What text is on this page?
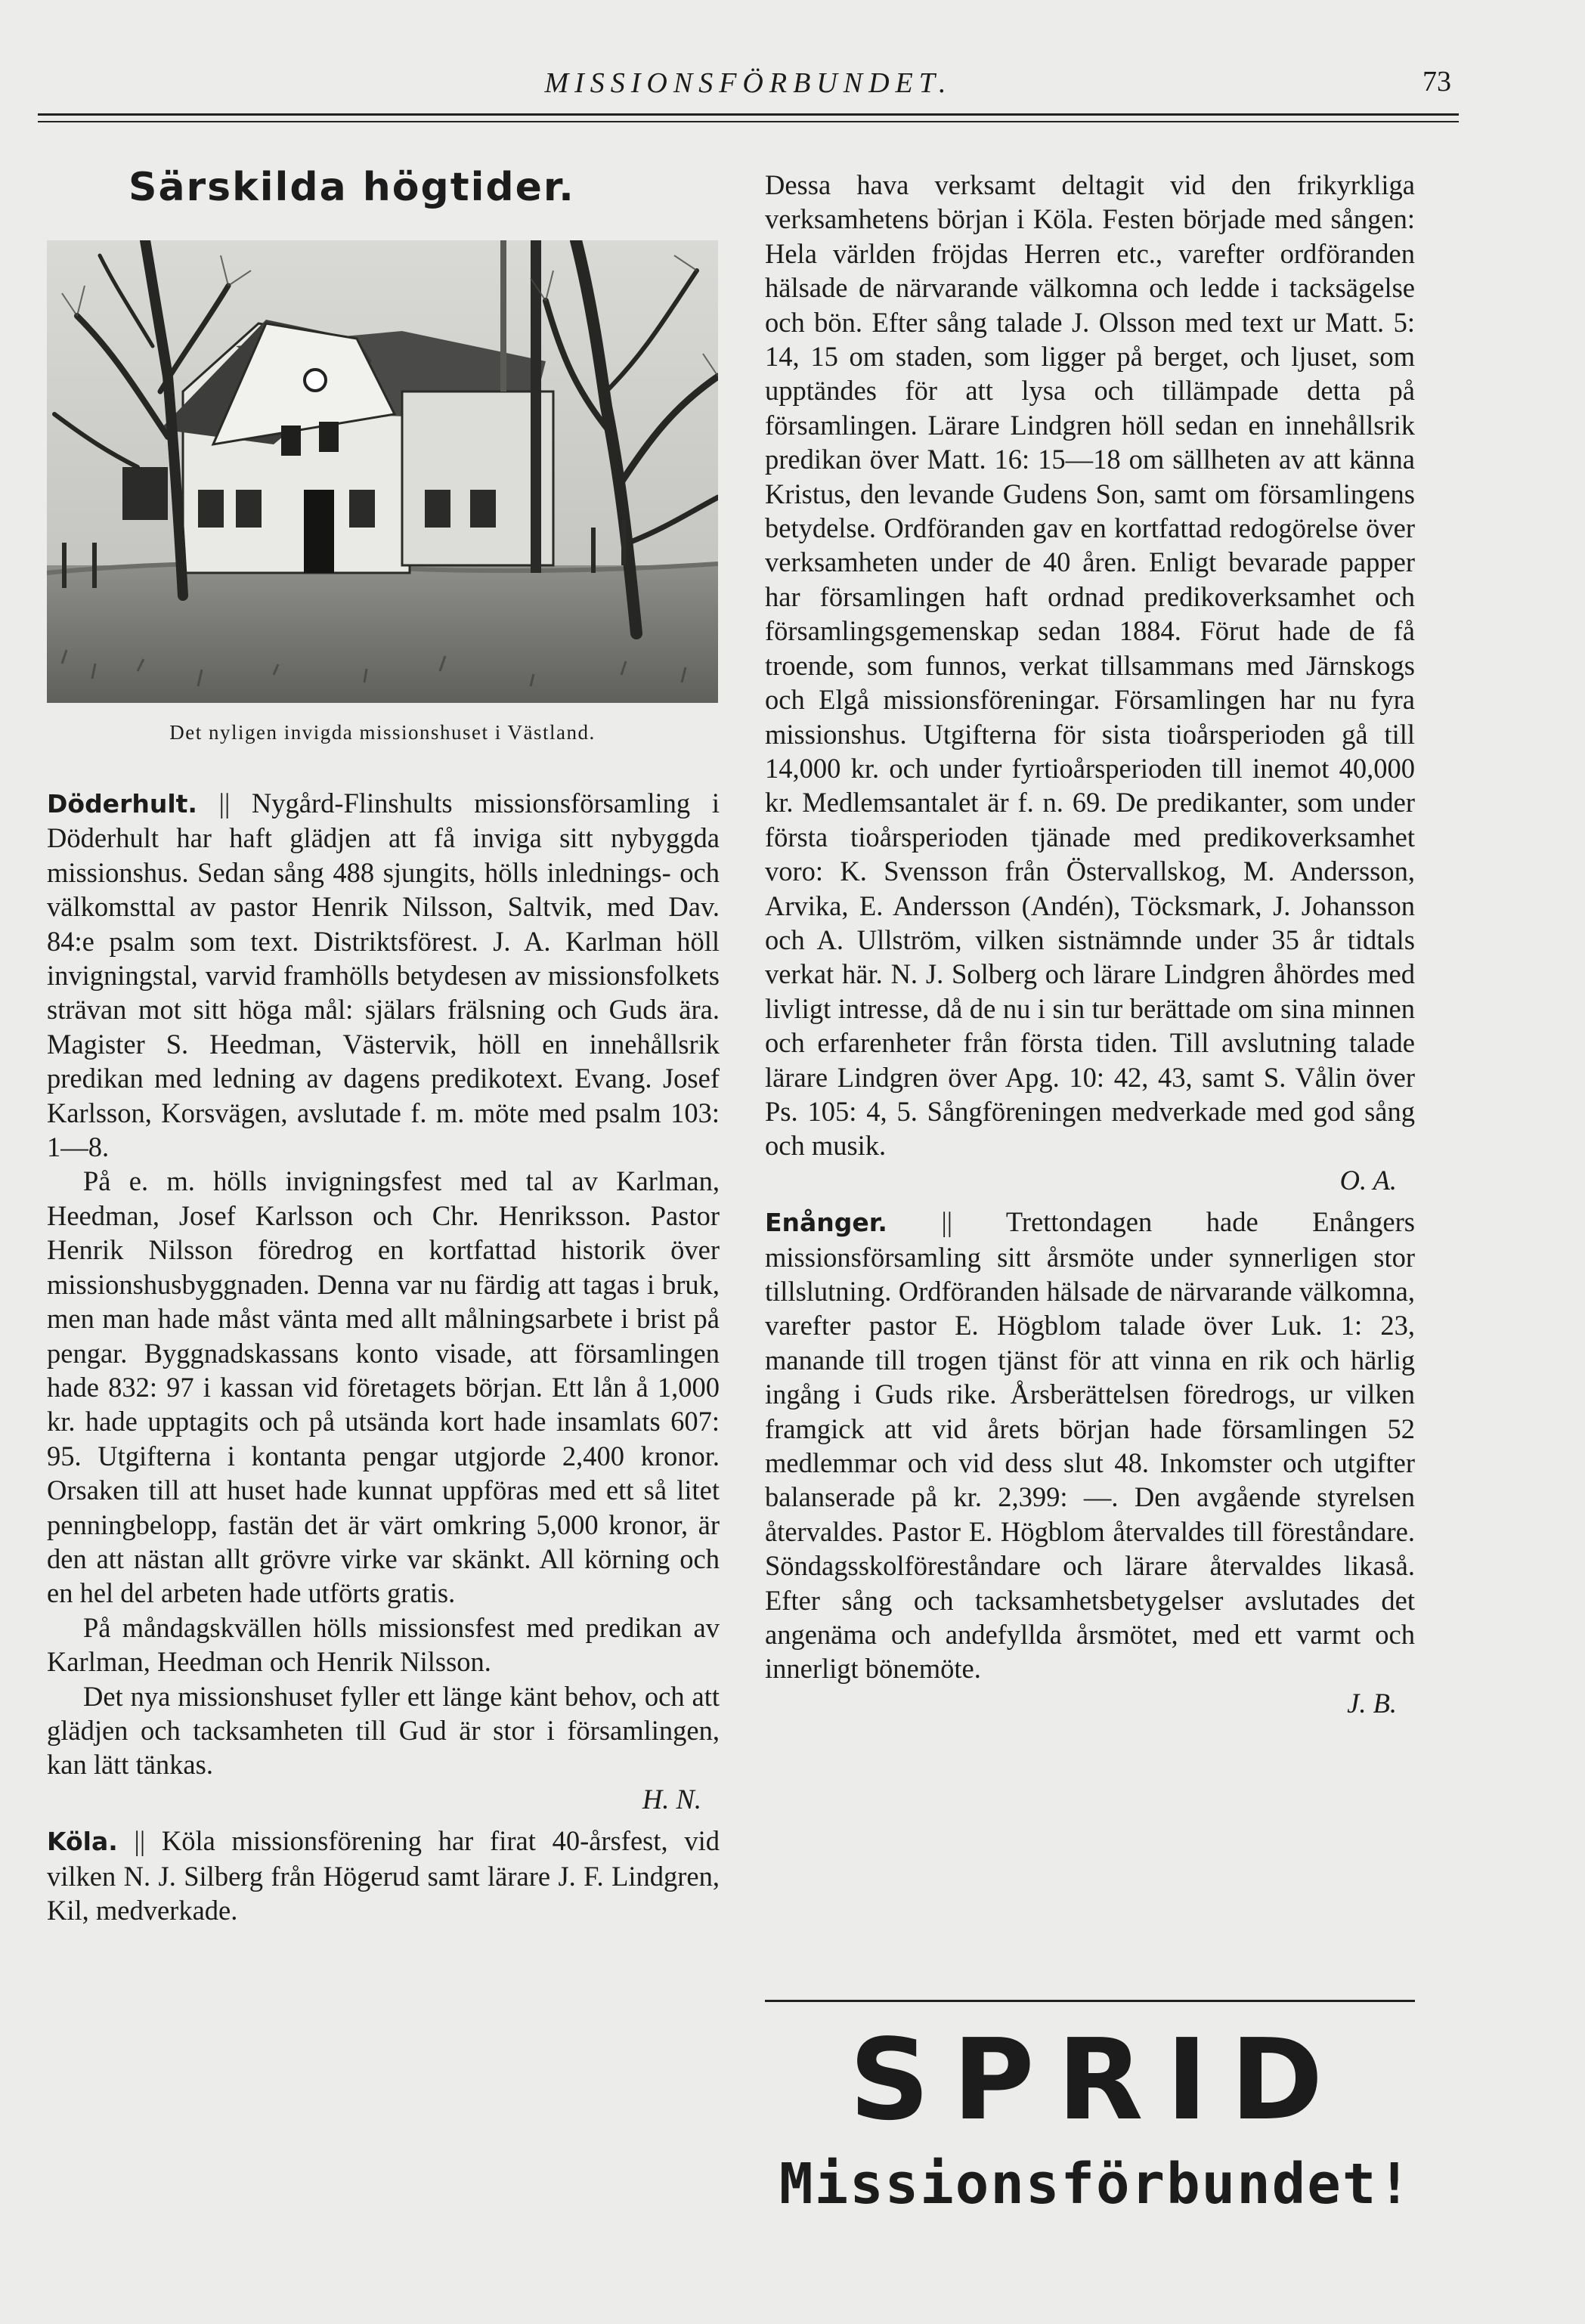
MISSIONSFÖRBUNDET.	73
Särskilda högtider.
Det nyligen invigda missionshuset i Västland.

Döderhult. || Nygård-Flinshults missionsförsamling i Döderhult har haft glädjen att få inviga sitt nybyggda missionshus. Sedan sång 488 sjungits, hölls inlednings- och välkomsttal av pastor Henrik Nilsson, Saltvik, med Dav. 84:e psalm som text. Distriktsförest. J. A. Karlman höll invigningstal, varvid framhölls betydesen av missionsfolkets strävan mot sitt höga mål: själars frälsning och Guds ära. Magister S. Heedman, Västervik, höll en innehållsrik predikan med ledning av dagens predikotext. Evang. Josef Karlsson, Korsvägen, avslutade f. m. möte med psalm 103: 1—8.

På e. m. hölls invigningsfest med tal av Karlman, Heedman, Josef Karlsson och Chr. Henriksson. Pastor Henrik Nilsson föredrog en kortfattad historik över missionshusbyggnaden. Denna var nu färdig att tagas i bruk, men man hade måst vänta med allt målningsarbete i brist på pengar. Byggnadskassans konto visade, att församlingen hade 832: 97 i kassan vid företagets början. Ett lån å 1,000 kr. hade upptagits och på utsända kort hade insamlats 607: 95. Utgifterna i kontanta pengar utgjorde 2,400 kronor. Orsaken till att huset hade kunnat uppföras med ett så litet penningbelopp, fastän det är värt omkring 5,000 kronor, är den att nästan allt grövre virke var skänkt. All körning och en hel del arbeten hade utförts gratis.

På måndagskvällen hölls missionsfest med predikan av Karlman, Heedman och Henrik Nilsson.

Det nya missionshuset fyller ett länge känt behov, och att glädjen och tacksamheten till Gud är stor i församlingen, kan lätt tänkas.

H. N.

Köla. || Köla missionsförening har firat 40-årsfest, vid vilken N. J. Silberg från Högerud samt lärare J. F. Lindgren, Kil, medverkade.

Dessa hava verksamt deltagit vid den frikyrkliga verksamhetens början i Köla. Festen började med sången: Hela världen fröjdas Herren etc., varefter ordföranden hälsade de närvarande välkomna och ledde i tacksägelse och bön. Efter sång talade J. Olsson med text ur Matt. 5: 14, 15 om staden, som ligger på berget, och ljuset, som upptändes för att lysa och tillämpade detta på församlingen. Lärare Lindgren höll sedan en innehållsrik predikan över Matt. 16: 15—18 om sällheten av att känna Kristus, den levande Gudens Son, samt om församlingens betydelse. Ordföranden gav en kortfattad redogörelse över verksamheten under de 40 åren. Enligt bevarade papper har församlingen haft ordnad predikoverksamhet och församlingsgemenskap sedan 1884. Förut hade de få troende, som funnos, verkat tillsammans med Järnskogs och Elgå missionsföreningar. Församlingen har nu fyra missionshus. Utgifterna för sista tioårsperioden gå till 14,000 kr. och under fyrtioårsperioden till inemot 40,000 kr. Medlemsantalet är f. n. 69. De predikanter, som under första tioårsperioden tjänade med predikoverksamhet voro: K. Svensson från Östervallskog, M. Andersson, Arvika, E. Andersson (Andén), Töcksmark, J. Johansson och A. Ullström, vilken sistnämnde under 35 år tidtals verkat här. N. J. Solberg och lärare Lindgren åhördes med livligt intresse, då de nu i sin tur berättade om sina minnen och erfarenheter från första tiden. Till avslutning talade lärare Lindgren över Apg. 10: 42, 43, samt S. Vålin över Ps. 105: 4, 5. Sångföreningen medverkade med god sång och musik.

O. A.

Enånger. || Trettondagen hade Enångers missionsförsamling sitt årsmöte under synnerligen stor tillslutning. Ordföranden hälsade de närvarande välkomna, varefter pastor E. Högblom talade över Luk. 1: 23, manande till trogen tjänst för att vinna en rik och härlig ingång i Guds rike. Årsberättelsen föredrogs, ur vilken framgick att vid årets början hade församlingen 52 medlemmar och vid dess slut 48. Inkomster och utgifter balanserade på kr. 2,399: —. Den avgående styrelsen återvaldes. Pastor E. Högblom återvaldes till föreståndare. Söndagsskolföreståndare och lärare återvaldes likaså. Efter sång och tacksamhetsbetygelser avslutades det angenäma och andefyllda årsmötet, med ett varmt och innerligt bönemöte.

J. B.

SPRID
Missionsförbundet!
